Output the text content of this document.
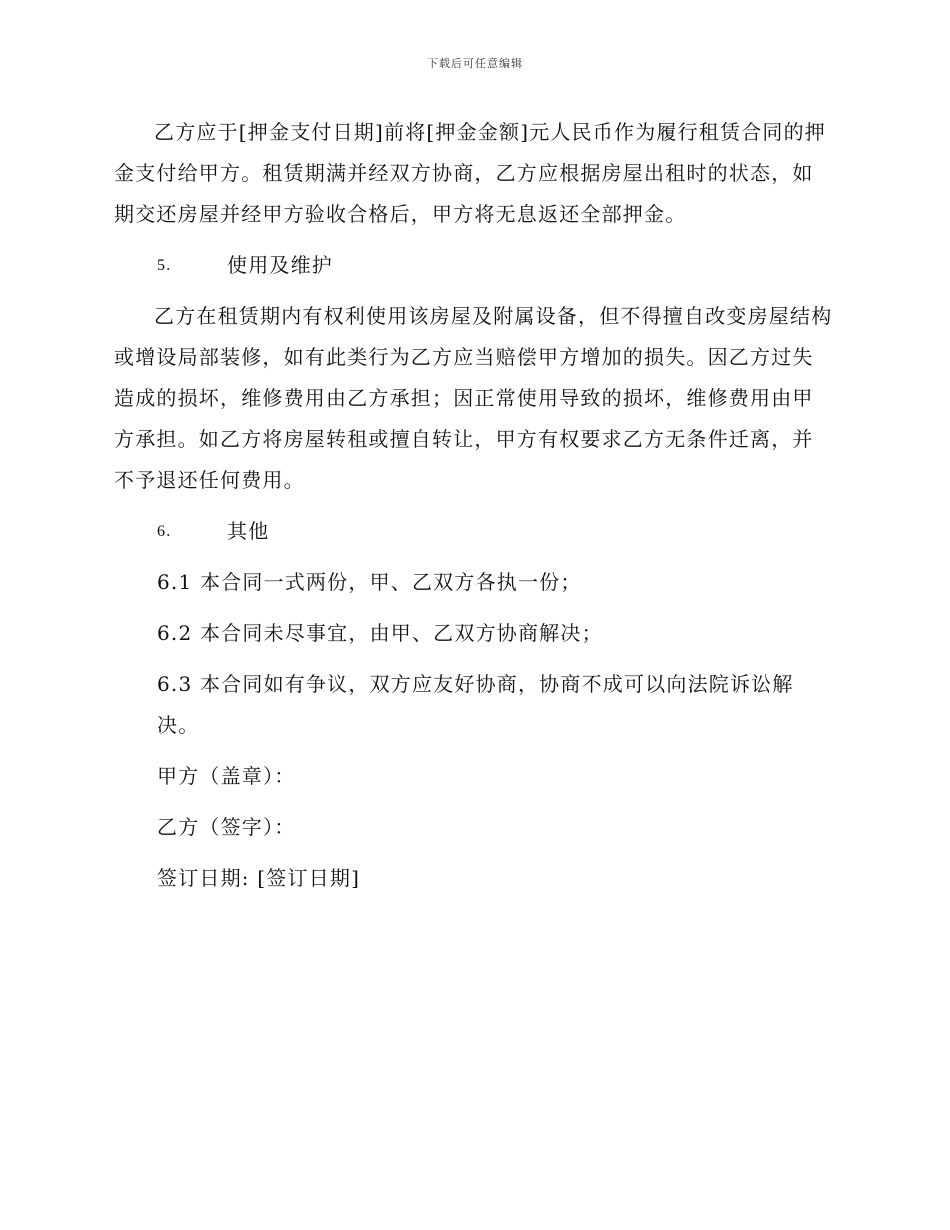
下载后可任意编辑

乙方应于[押金支付日期]前将[押金金额]元人民币作为履行租赁合同的押金支付给甲方。租赁期满并经双方协商，乙方应根据房屋出租时的状态，如期交还房屋并经甲方验收合格后，甲方将无息返还全部押金。

5.	使用及维护

乙方在租赁期内有权利使用该房屋及附属设备，但不得擅自改变房屋结构或增设局部装修，如有此类行为乙方应当赔偿甲方增加的损失。因乙方过失造成的损坏，维修费用由乙方承担；因正常使用导致的损坏，维修费用由甲方承担。如乙方将房屋转租或擅自转让，甲方有权要求乙方无条件迁离，并不予退还任何费用。

6.	其他

6.1 本合同一式两份，甲、乙双方各执一份；

6.2 本合同未尽事宜，由甲、乙双方协商解决；

6.3 本合同如有争议，双方应友好协商，协商不成可以向法院诉讼解决。

甲方（盖章）：

乙方（签字）：

签订日期: [签订日期]
